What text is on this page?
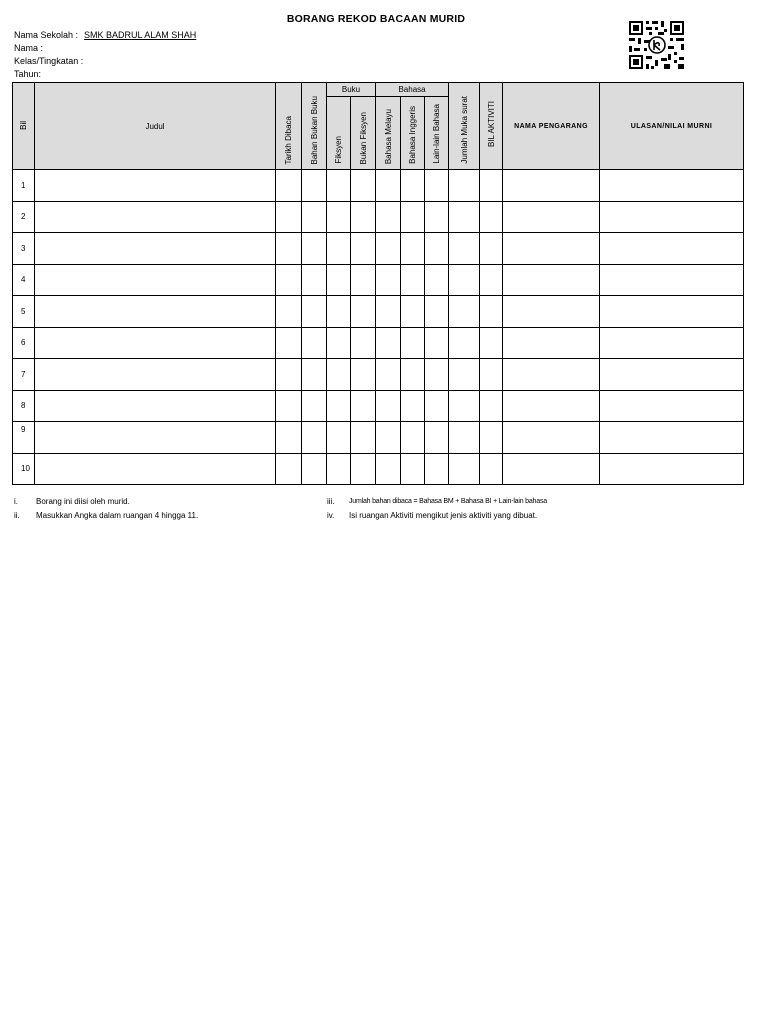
BORANG REKOD BACAAN MURID
Nama Sekolah : SMK BADRUL ALAM SHAH
Nama :
Kelas/Tingkatan :
Tahun:
Bil	Judul	Tarikh Dibaca	Bahan Bukan Buku	Buku		Bahasa			Jumlah Muka surat	BIL AKTIVITI	NAMA PENGARANG	ULASAN/NILAI MURNI
				Fiksyen	Bukan Fiksyen	Bahasa Melayu	Bahasa Inggeris	Lain-lain Bahasa				
1												
2												
3												
4												
5												
6												
7												
8												
9												
10												
i.	Borang ini diisi oleh murid.
ii.	Masukkan Angka dalam ruangan 4 hingga 11.
iii.	Jumlah bahan dibaca = Bahasa BM + Bahasa BI + Lain-lain bahasa
iv.	Isi ruangan Aktiviti mengikut jenis aktiviti yang dibuat.
